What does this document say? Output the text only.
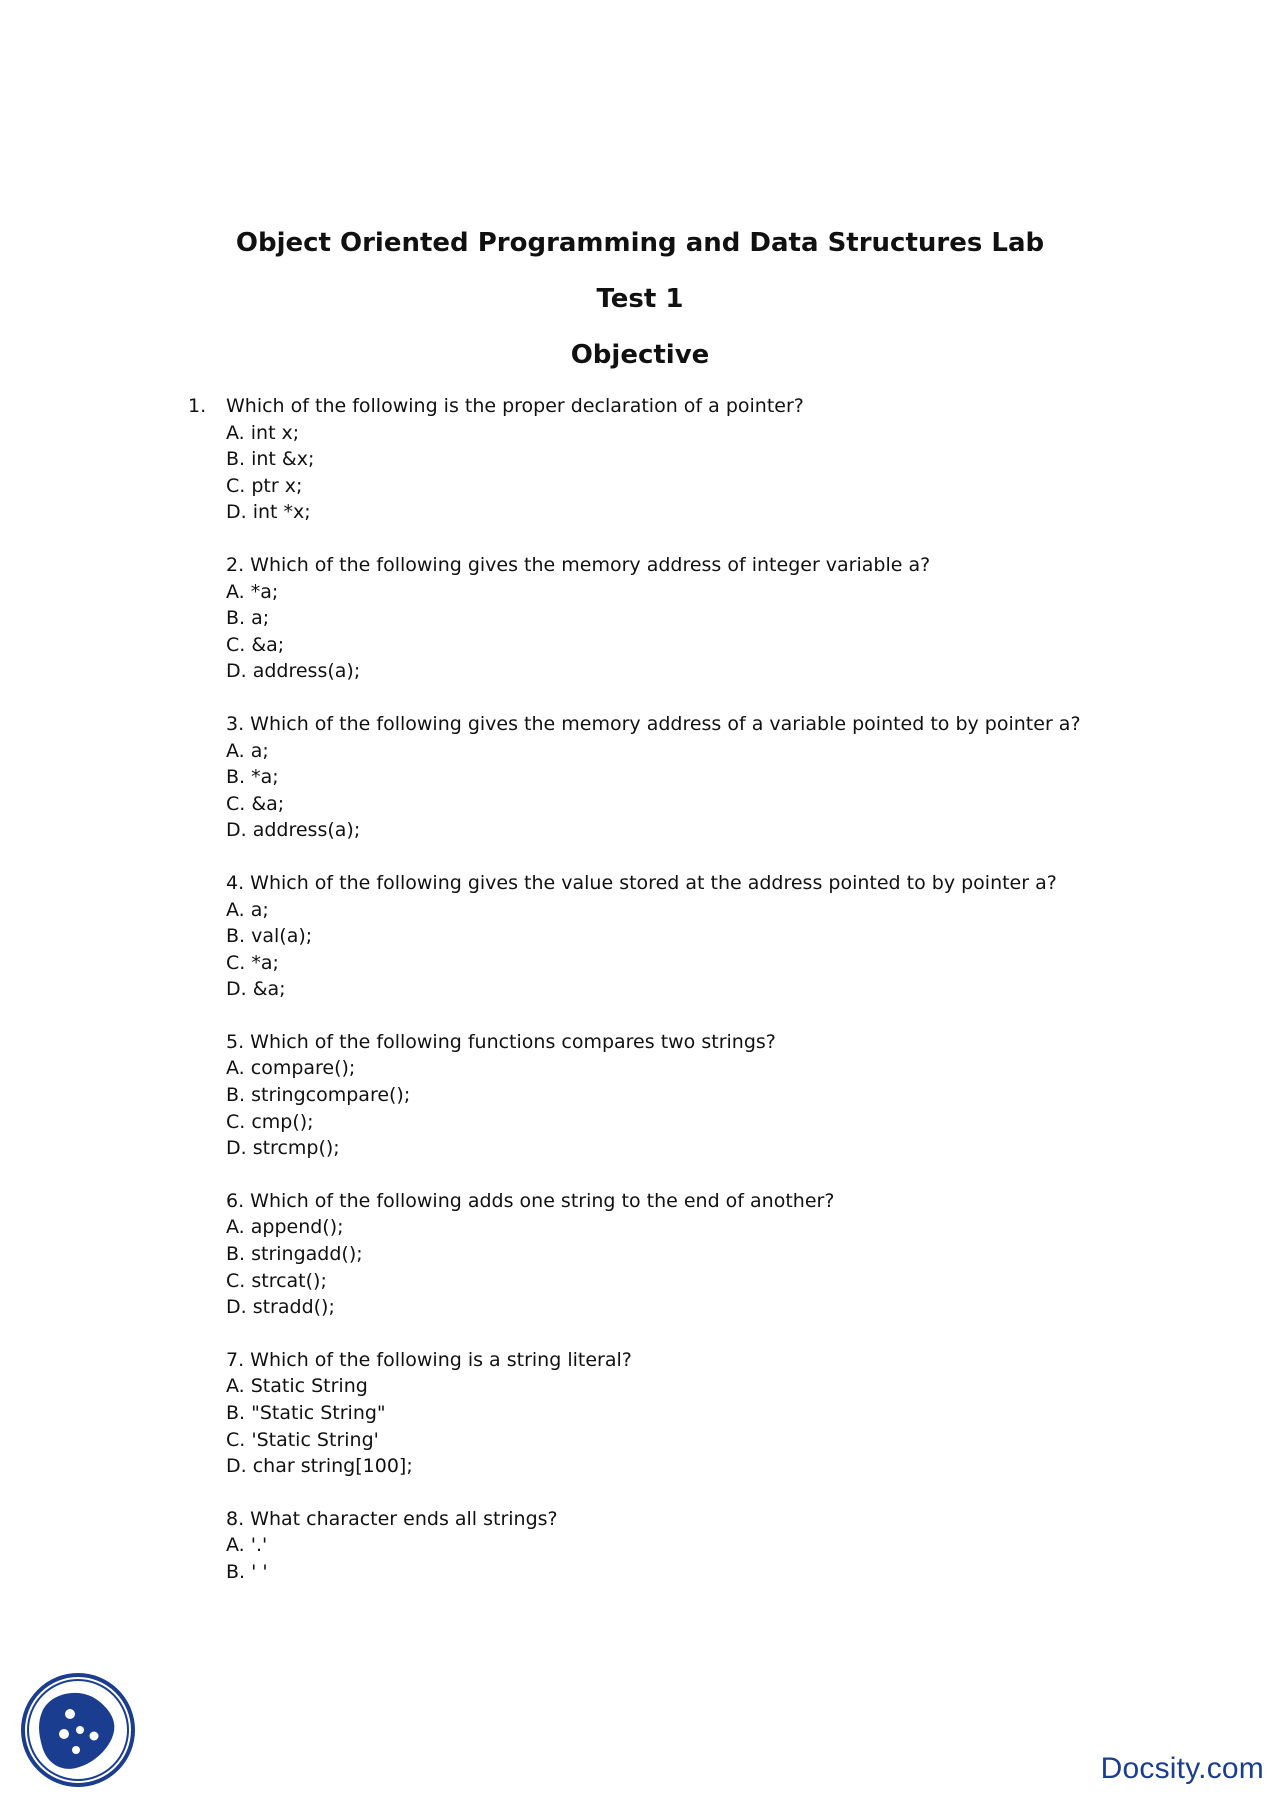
Object Oriented Programming and Data Structures Lab
Test 1
Objective

1. Which of the following is the proper declaration of a pointer?

A. int x;

B. int &x;

C. ptr x;

D. int *x;

2. Which of the following gives the memory address of integer variable a?

A. *a;

B. a;

C. &a;

D. address(a);

3. Which of the following gives the memory address of a variable pointed to by pointer a?

A. a;

B. *a;

C. &a;

D. address(a);

4. Which of the following gives the value stored at the address pointed to by pointer a?

A. a;

B. val(a);

C. *a;

D. &a;

5. Which of the following functions compares two strings?

A. compare();

B. stringcompare();

C. cmp();

D. strcmp();

6. Which of the following adds one string to the end of another?

A. append();

B. stringadd();

C. strcat();

D. stradd();

7. Which of the following is a string literal?

A. Static String

B. "Static String"

C. 'Static String'

D. char string[100];

8. What character ends all strings?

A. '.'

B. ' '

Docsity.com
